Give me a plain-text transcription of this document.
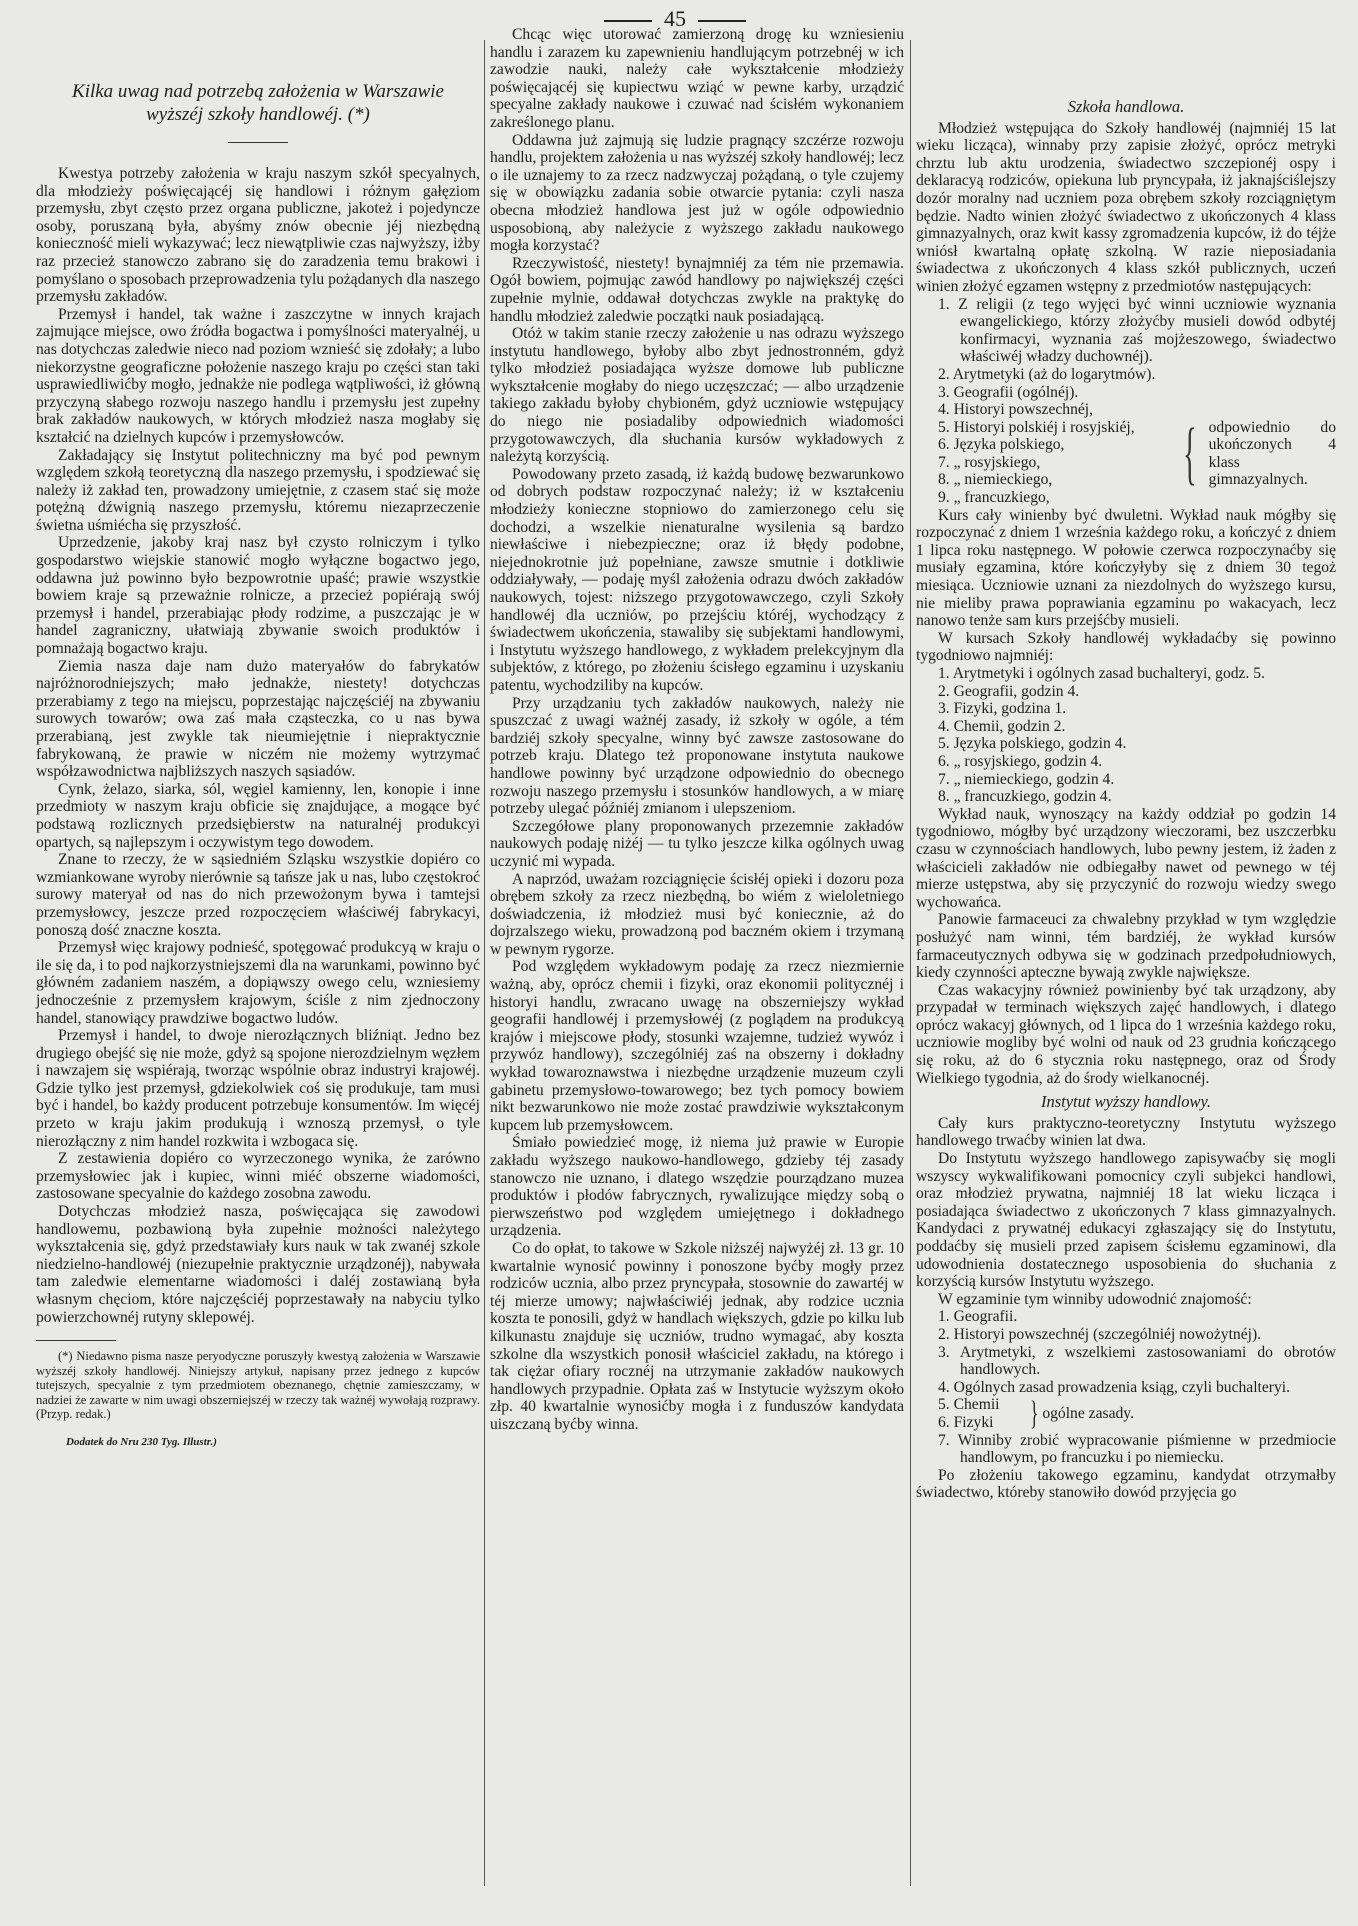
45
Kilka uwag nad potrzebą założenia w Warszawie wyższéj szkoły handlowéj. (*)

Kwestya potrzeby założenia w kraju naszym szkół specyalnych, dla młodzieży poświęcającéj się handlowi i różnym gałęziom przemysłu, zbyt często przez organa publiczne, jakoteż i pojedyncze osoby, poruszaną była, abyśmy znów obecnie jéj niezbędną konieczność mieli wykazywać; lecz niewątpliwie czas najwyższy, iżby raz przecież stanowczo zabrano się do zaradzenia temu brakowi i pomyślano o sposobach przeprowadzenia tylu pożądanych dla naszego przemysłu zakładów.

Przemysł i handel, tak ważne i zaszczytne w innych krajach zajmujące miejsce, owo źródła bogactwa i pomyślności materyalnéj, u nas dotychczas zaledwie nieco nad poziom wznieść się zdołały; a lubo niekorzystne geograficzne położenie naszego kraju po części stan taki usprawiedliwićby mogło, jednakże nie podlega wątpliwości, iż główną przyczyną słabego rozwoju naszego handlu i przemysłu jest zupełny brak zakładów naukowych, w których młodzież nasza mogłaby się kształcić na dzielnych kupców i przemysłowców.

Zakładający się Instytut politechniczny ma być pod pewnym względem szkołą teoretyczną dla naszego przemysłu, i spodziewać się należy iż zakład ten, prowadzony umiejętnie, z czasem stać się może potężną dźwignią naszego przemysłu, któremu niezaprzeczenie świetna uśmiécha się przyszłość.

Uprzedzenie, jakoby kraj nasz był czysto rolniczym i tylko gospodarstwo wiejskie stanowić mogło wyłączne bogactwo jego, oddawna już powinno było bezpowrotnie upaść; prawie wszystkie bowiem kraje są przeważnie rolnicze, a przecież popiérają swój przemysł i handel, przerabiając płody rodzime, a puszczając je w handel zagraniczny, ułatwiają zbywanie swoich produktów i pomnażają bogactwo kraju.

Ziemia nasza daje nam dużo materyałów do fabrykatów najróżnorodniejszych; mało jednakże, niestety! dotychczas przerabiamy z tego na miejscu, poprzestając najczęściéj na zbywaniu surowych towarów; owa zaś mała cząsteczka, co u nas bywa przerabianą, jest zwykle tak nieumiejętnie i niepraktycznie fabrykowaną, że prawie w niczém nie możemy wytrzymać współzawodnictwa najbliższych naszych sąsiadów.

Cynk, żelazo, siarka, sól, węgiel kamienny, len, konopie i inne przedmioty w naszym kraju obficie się znajdujące, a mogące być podstawą rozlicznych przedsiębierstw na naturalnéj produkcyi opartych, są najlepszym i oczywistym tego dowodem.

Znane to rzeczy, że w sąsiedniém Szląsku wszystkie dopiéro co wzmiankowane wyroby nierównie są tańsze jak u nas, lubo częstokroć surowy materyał od nas do nich przewożonym bywa i tamtejsi przemysłowcy, jeszcze przed rozpoczęciem właściwéj fabrykacyi, ponoszą dość znaczne koszta.

Przemysł więc krajowy podnieść, spotęgować produkcyą w kraju o ile się da, i to pod najkorzystniejszemi dla na warunkami, powinno być główném zadaniem naszém, a dopiąwszy owego celu, wzniesiemy jednocześnie z przemysłem krajowym, ściśle z nim zjednoczony handel, stanowiący prawdziwe bogactwo ludów.

Przemysł i handel, to dwoje nierozłącznych bliźniąt. Jedno bez drugiego obejść się nie może, gdyż są spojone nierozdzielnym węzłem i nawzajem się wspiérają, tworząc wspólnie obraz industryi krajowéj. Gdzie tylko jest przemysł, gdziekolwiek coś się produkuje, tam musi być i handel, bo każdy producent potrzebuje konsumentów. Im więcéj przeto w kraju jakim produkują i wznoszą przemysł, o tyle nierozłączny z nim handel rozkwita i wzbogaca się.

Z zestawienia dopiéro co wyrzeczonego wynika, że zarówno przemysłowiec jak i kupiec, winni miéć obszerne wiadomości, zastosowane specyalnie do każdego zosobna zawodu.

Dotychczas młodzież nasza, poświęcająca się zawodowi handlowemu, pozbawioną była zupełnie możności należytego wykształcenia się, gdyż przedstawiały kurs nauk w tak zwanéj szkole niedzielno-handlowéj (niezupełnie praktycznie urządzonéj), nabywała tam zaledwie elementarne wiadomości i daléj zostawianą była własnym chęciom, które najczęściéj poprzestawały na nabyciu tylko powierzchownéj rutyny sklepowéj.

(*) Niedawno pisma nasze peryodyczne poruszyły kwestyą założenia w Warszawie wyższéj szkoły handlowéj. Niniejszy artykuł, napisany przez jednego z kupców tutejszych, specyalnie z tym przedmiotem obeznanego, chętnie zamieszczamy, w nadziei że zawarte w nim uwagi obszerniejszéj w rzeczy tak ważnéj wywołają rozprawy. (Przyp. redak.)

Dodatek do Nru 230 Tyg. Illustr.)

Chcąc więc utorować zamierzoną drogę ku wzniesieniu handlu i zarazem ku zapewnieniu handlującym potrzebnéj w ich zawodzie nauki, należy całe wykształcenie młodzieży poświęcającéj się kupiectwu wziąć w pewne karby, urządzić specyalne zakłady naukowe i czuwać nad ścisłém wykonaniem zakreślonego planu.

Oddawna już zajmują się ludzie pragnący szczérze rozwoju handlu, projektem założenia u nas wyższéj szkoły handlowéj; lecz o ile uznajemy to za rzecz nadzwyczaj pożądaną, o tyle czujemy się w obowiązku zadania sobie otwarcie pytania: czyli nasza obecna młodzież handlowa jest już w ogóle odpowiednio usposobioną, aby należycie z wyższego zakładu naukowego mogła korzystać?

Rzeczywistość, niestety! bynajmniéj za tém nie przemawia. Ogół bowiem, pojmując zawód handlowy po największéj części zupełnie mylnie, oddawał dotychczas zwykle na praktykę do handlu młodzież zaledwie początki nauk posiadającą.

Otóż w takim stanie rzeczy założenie u nas odrazu wyższego instytutu handlowego, byłoby albo zbyt jednostronném, gdyż tylko młodzież posiadająca wyższe domowe lub publiczne wykształcenie mogłaby do niego uczęszczać; — albo urządzenie takiego zakładu byłoby chybioném, gdyż uczniowie wstępujący do niego nie posiadaliby odpowiednich wiadomości przygotowawczych, dla słuchania kursów wykładowych z należytą korzyścią.

Powodowany przeto zasadą, iż każdą budowę bezwarunkowo od dobrych podstaw rozpoczynać należy; iż w kształceniu młodzieży konieczne stopniowo do zamierzonego celu się dochodzi, a wszelkie nienaturalne wysilenia są bardzo niewłaściwe i niebezpieczne; oraz iż błędy podobne, niejednokrotnie już popełniane, zawsze smutnie i dotkliwie oddziaływały, — podaję myśl założenia odrazu dwóch zakładów naukowych, tojest: niższego przygotowawczego, czyli Szkoły handlowéj dla uczniów, po przejściu któréj, wychodzący z świadectwem ukończenia, stawaliby się subjektami handlowymi, i Instytutu wyższego handlowego, z wykładem prelekcyjnym dla subjektów, z którego, po złożeniu ścisłego egzaminu i uzyskaniu patentu, wychodziliby na kupców.

Przy urządzaniu tych zakładów naukowych, należy nie spuszczać z uwagi ważnéj zasady, iż szkoły w ogóle, a tém bardziéj szkoły specyalne, winny być zawsze zastosowane do potrzeb kraju. Dlatego też proponowane instytuta naukowe handlowe powinny być urządzone odpowiednio do obecnego rozwoju naszego przemysłu i stosunków handlowych, a w miarę potrzeby ulegać późniéj zmianom i ulepszeniom.

Szczegółowe plany proponowanych przezemnie zakładów naukowych podaję niżéj — tu tylko jeszcze kilka ogólnych uwag uczynić mi wypada.

A naprzód, uważam rozciągnięcie ścisłéj opieki i dozoru poza obrębem szkoły za rzecz niezbędną, bo wiém z wieloletniego doświadczenia, iż młodzież musi być koniecznie, aż do dojrzalszego wieku, prowadzoną pod baczném okiem i trzymaną w pewnym rygorze.

Pod względem wykładowym podaję za rzecz niezmiernie ważną, aby, oprócz chemii i fizyki, oraz ekonomii politycznéj i historyi handlu, zwracano uwagę na obszerniejszy wykład geografii handlowéj i przemysłowéj (z poglądem na produkcyą krajów i miejscowe płody, stosunki wzajemne, tudzież wywóz i przywóz handlowy), szczególniéj zaś na obszerny i dokładny wykład towaroznawstwa i niezbędne urządzenie muzeum czyli gabinetu przemysłowo-towarowego; bez tych pomocy bowiem nikt bezwarunkowo nie może zostać prawdziwie wykształconym kupcem lub przemysłowcem.

Śmiało powiedzieć mogę, iż niema już prawie w Europie zakładu wyższego naukowo-handlowego, gdzieby téj zasady stanowczo nie uznano, i dlatego wszędzie pourządzano muzea produktów i płodów fabrycznych, rywalizujące między sobą o pierwszeństwo pod względem umiejętnego i dokładnego urządzenia.

Co do opłat, to takowe w Szkole niższéj najwyżéj zł. 13 gr. 10 kwartalnie wynosić powinny i ponoszone byćby mogły przez rodziców ucznia, albo przez pryncypała, stosownie do zawartéj w téj mierze umowy; najwłaściwiéj jednak, aby rodzice ucznia koszta te ponosili, gdyż w handlach większych, gdzie po kilku lub kilkunastu znajduje się uczniów, trudno wymagać, aby koszta szkolne dla wszystkich ponosił właściciel zakładu, na którego i tak ciężar ofiary rocznéj na utrzymanie zakładów naukowych handlowych przypadnie. Opłata zaś w Instytucie wyższym około złp. 40 kwartalnie wynosićby mogła i z funduszów kandydata uiszczaną byćby winna.

Szkoła handlowa.

Młodzież wstępująca do Szkoły handlowéj (najmniéj 15 lat wieku licząca), winnaby przy zapisie złożyć, oprócz metryki chrztu lub aktu urodzenia, świadectwo szczepionéj ospy i deklaracyą rodziców, opiekuna lub pryncypała, iż jaknajściślejszy dozór moralny nad uczniem poza obrębem szkoły rozciągniętym będzie. Nadto winien złożyć świadectwo z ukończonych 4 klass gimnazyalnych, oraz kwit kassy zgromadzenia kupców, iż do téjże wniósł kwartalną opłatę szkolną. W razie nieposiadania świadectwa z ukończonych 4 klass szkół publicznych, uczeń winien złożyć egzamen wstępny z przedmiotów następujących:

1. Z religii (z tego wyjęci być winni uczniowie wyznania ewangelickiego, którzy złożyćby musieli dowód odbytéj konfirmacyi, wyznania zaś mojżeszowego, świadectwo właściwéj władzy duchownéj).
2. Arytmetyki (aż do logarytmów).
3. Geografii (ogólnéj).
4. Historyi powszechnéj,
5. Historyi polskiéj i rosyjskiéj,
6. Języka polskiego,
7. „ rosyjskiego,
8. „ niemieckiego,
9. „ francuzkiego,
{ odpowiednio do ukończonych 4 klass gimnazyalnych.

Kurs cały winienby być dwuletni. Wykład nauk mógłby się rozpoczynać z dniem 1 września każdego roku, a kończyć z dniem 1 lipca roku następnego. W połowie czerwca rozpoczynaćby się musiały egzamina, które kończyłyby się z dniem 30 tegoż miesiąca. Uczniowie uznani za niezdolnych do wyższego kursu, nie mieliby prawa poprawiania egzaminu po wakacyach, lecz nanowo tenże sam kurs przejśćby musieli.

W kursach Szkoły handlowéj wykładaćby się powinno tygodniowo najmniéj:

1. Arytmetyki i ogólnych zasad buchalteryi, godz. 5.
2. Geografii, godzin 4.
3. Fizyki, godzina 1.
4. Chemii, godzin 2.
5. Języka polskiego, godzin 4.
6. „ rosyjskiego, godzin 4.
7. „ niemieckiego, godzin 4.
8. „ francuzkiego, godzin 4.

Wykład nauk, wynoszący na każdy oddział po godzin 14 tygodniowo, mógłby być urządzony wieczorami, bez uszczerbku czasu w czynnościach handlowych, lubo pewny jestem, iż żaden z właścicieli zakładów nie odbiegałby nawet od pewnego w téj mierze ustępstwa, aby się przyczynić do rozwoju wiedzy swego wychowańca.

Panowie farmaceuci za chwalebny przykład w tym względzie posłużyć nam winni, tém bardziéj, że wykład kursów farmaceutycznych odbywa się w godzinach przedpołudniowych, kiedy czynności apteczne bywają zwykle największe.

Czas wakacyjny również powinienby być tak urządzony, aby przypadał w terminach większych zajęć handlowych, i dlatego oprócz wakacyj głównych, od 1 lipca do 1 września każdego roku, uczniowie mogliby być wolni od nauk od 23 grudnia kończącego się roku, aż do 6 stycznia roku następnego, oraz od Środy Wielkiego tygodnia, aż do środy wielkanocnéj.

Instytut wyższy handlowy.

Cały kurs praktyczno-teoretyczny Instytutu wyższego handlowego trwaćby winien lat dwa.

Do Instytutu wyższego handlowego zapisywaćby się mogli wszyscy wykwalifikowani pomocnicy czyli subjekci handlowi, oraz młodzież prywatna, najmniéj 18 lat wieku licząca i posiadająca świadectwo z ukończonych 7 klass gimnazyalnych. Kandydaci z prywatnéj edukacyi zgłaszający się do Instytutu, poddaćby się musieli przed zapisem ścisłemu egzaminowi, dla udowodnienia dostatecznego usposobienia do słuchania z korzyścią kursów Instytutu wyższego.

W egzaminie tym winniby udowodnić znajomość:

1. Geografii.
2. Historyi powszechnéj (szczególniéj nowożytnéj).
3. Arytmetyki, z wszelkiemi zastosowaniami do obrotów handlowych.
4. Ogólnych zasad prowadzenia ksiąg, czyli buchalteryi.
5. Chemii
6. Fizyki	} ogólne zasady.
7. Winniby zrobić wypracowanie piśmienne w przedmiocie handlowym, po francuzku i po niemiecku.

Po złożeniu takowego egzaminu, kandydat otrzymałby świadectwo, któreby stanowiło dowód przyjęcia go
